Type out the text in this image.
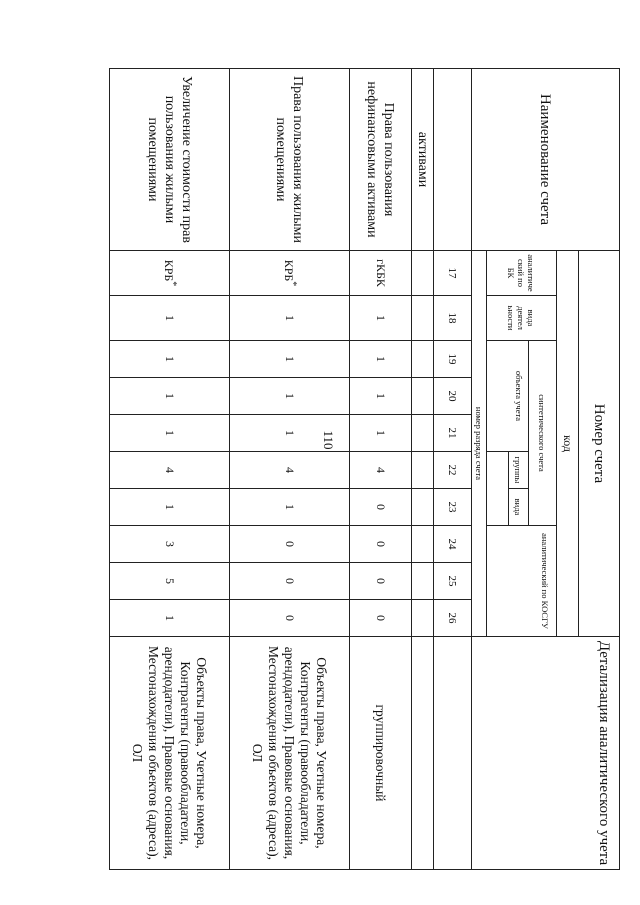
110
Наименование счета	Номер счета										Детализация аналитического учета
	код										
	аналитиче ский по БК	вида деятел ьности	синтетического счета					аналитический по КОСГУ			
			объекта учета			группы	вида				

	номер разряда счета										
	17	18	19	20	21	22	23	24	25	26	
активами											
Права пользования нефинансовыми активами	гКБК	1	1	1	1	4	0	0	0	0	группировочный
Права пользования жилыми помещениями	КРБ*	1	1	1	1	4	1	0	0	0	Объекты права, Учетные номера, Контрагенты (правообладатели, арендодатели), Правовые основания, Местонахождения объектов (адреса), ОЛ
Увеличение стоимости прав пользования жилыми помещениями	КРБ*	1	1	1	1	4	1	3	5	1	Объекты права, Учетные номера, Контрагенты (правообладатели, арендодатели), Правовые основания, Местонахождения объектов (адреса), ОЛ
